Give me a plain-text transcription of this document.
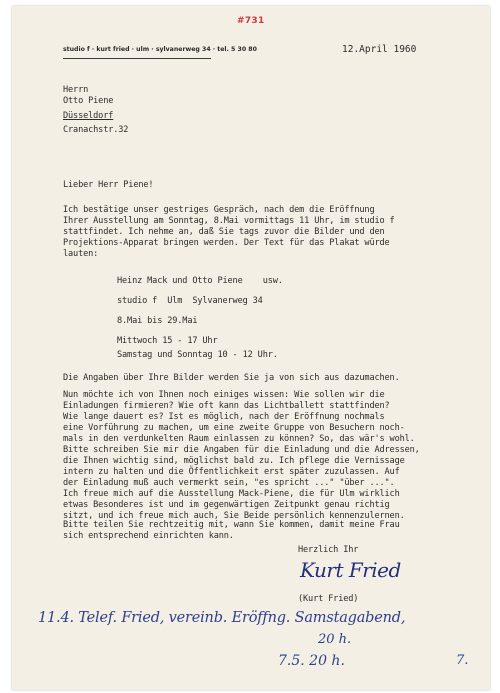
#731
studio f · kurt fried · ulm · sylvanerweg 34 · tel. 5 30 80	12.April 1960
Herrn
Otto Piene
Düsseldorf
Cranachstr.32
Lieber Herr Piene!
Ich bestätige unser gestriges Gespräch, nach dem die Eröffnung
Ihrer Ausstellung am Sonntag, 8.Mai vormittags 11 Uhr, im studio f
stattfindet. Ich nehme an, daß Sie tags zuvor die Bilder und den
Projektions-Apparat bringen werden. Der Text für das Plakat würde
lauten:
Heinz Mack und Otto Piene    usw.
studio f  Ulm  Sylvanerweg 34
8.Mai bis 29.Mai
Mittwoch 15 - 17 Uhr
Samstag und Sonntag 10 - 12 Uhr.
Die Angaben über Ihre Bilder werden Sie ja von sich aus dazumachen.
Nun möchte ich von Ihnen noch einiges wissen: Wie sollen wir die
Einladungen firmieren? Wie oft kann das Lichtballett stattfinden?
Wie lange dauert es? Ist es möglich, nach der Eröffnung nochmals
eine Vorführung zu machen, um eine zweite Gruppe von Besuchern noch-
mals in den verdunkelten Raum einlassen zu können? So, das wär's wohl.
Bitte schreiben Sie mir die Angaben für die Einladung und die Adressen,
die Ihnen wichtig sind, möglichst bald zu. Ich pflege die Vernissage
intern zu halten und die Öffentlichkeit erst später zuzulassen. Auf
der Einladung muß auch vermerkt sein, "es spricht ..." "über ...".
Ich freue mich auf die Ausstellung Mack-Piene, die für Ulm wirklich
etwas Besonderes ist und im gegenwärtigen Zeitpunkt genau richtig
sitzt, und ich freue mich auch, Sie Beide persönlich kennenzulernen.
Bitte teilen Sie rechtzeitig mit, wann Sie kommen, damit meine Frau
sich entsprechend einrichten kann.
Herzlich Ihr
Kurt Fried
(Kurt Fried)
11.4. Telef. Fried, vereinb. Eröffng. Samstagabend,
20 h.
7.5. 20 h.	7.
